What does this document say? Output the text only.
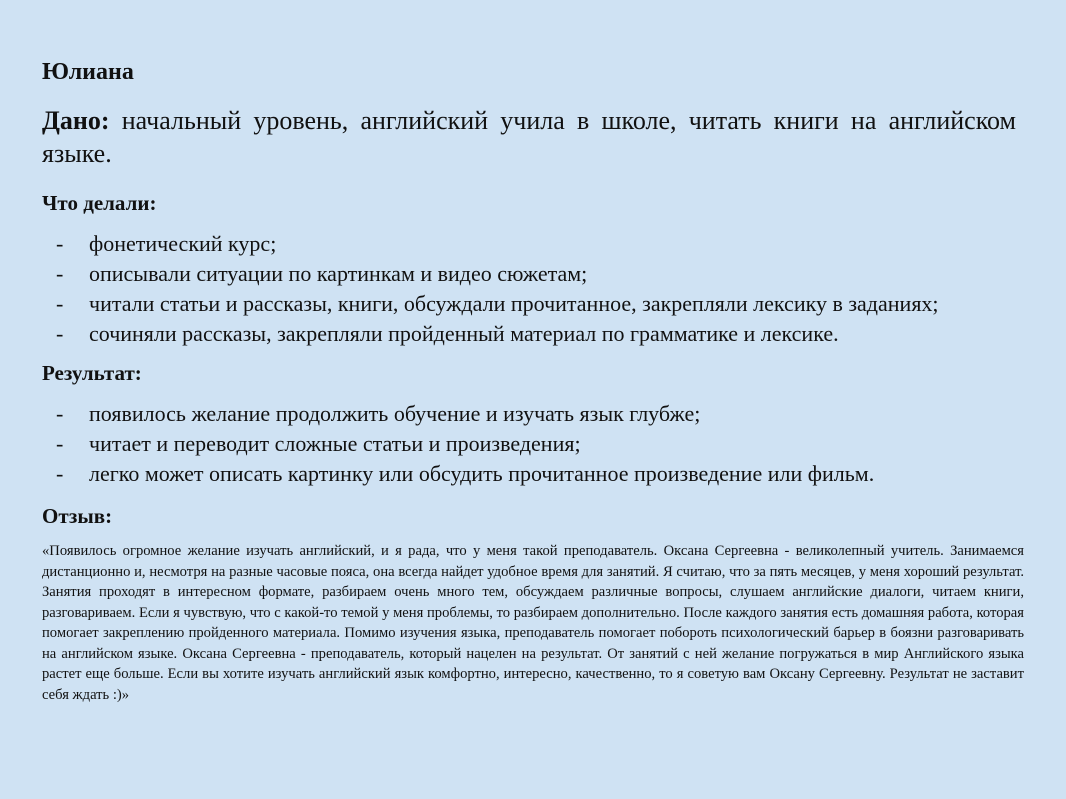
Юлиана

Дано: начальный уровень, английский учила в школе, читать книги на английском языке.

Что делали:
- фонетический курс;
- описывали ситуации по картинкам и видео сюжетам;
- читали статьи и рассказы, книги, обсуждали прочитанное, закрепляли лексику в заданиях;
- сочиняли рассказы, закрепляли пройденный материал по грамматике и лексике.
Результат:
- появилось желание продолжить обучение и изучать язык глубже;
- читает и переводит сложные статьи и произведения;
- легко может описать картинку или обсудить прочитанное произведение или фильм.
Отзыв:

«Появилось огромное желание изучать английский, и я рада, что у меня такой преподаватель. Оксана Сергеевна - великолепный учитель. Занимаемся дистанционно и, несмотря на разные часовые пояса, она всегда найдет удобное время для занятий. Я считаю, что за пять месяцев, у меня хороший результат. Занятия проходят в интересном формате, разбираем очень много тем, обсуждаем различные вопросы, слушаем английские диалоги, читаем книги, разговариваем. Если я чувствую, что с какой-то темой у меня проблемы, то разбираем дополнительно. После каждого занятия есть домашняя работа, которая помогает закреплению пройденного материала. Помимо изучения языка, преподаватель помогает побороть психологический барьер в боязни разговаривать на английском языке. Оксана Сергеевна - преподаватель, который нацелен на результат. От занятий с ней желание погружаться в мир Английского языка растет еще больше. Если вы хотите изучать английский язык комфортно, интересно, качественно, то я советую вам Оксану Сергеевну. Результат не заставит себя ждать :)»
